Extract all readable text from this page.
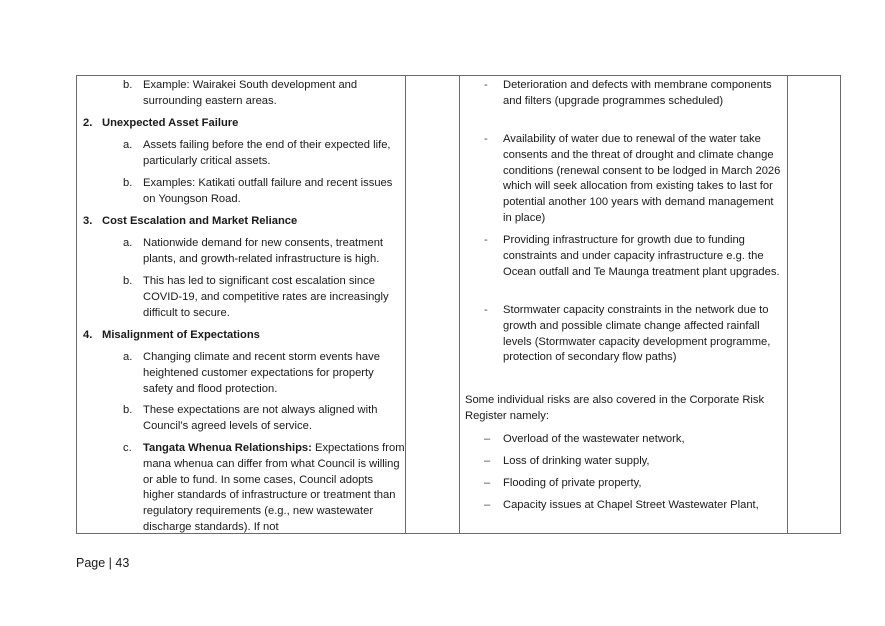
b. Example: Wairakei South development and surrounding eastern areas.
2. Unexpected Asset Failure
a. Assets failing before the end of their expected life, particularly critical assets.
b. Examples: Katikati outfall failure and recent issues on Youngson Road.
3. Cost Escalation and Market Reliance
a. Nationwide demand for new consents, treatment plants, and growth-related infrastructure is high.
b. This has led to significant cost escalation since COVID-19, and competitive rates are increasingly difficult to secure.
4. Misalignment of Expectations
a. Changing climate and recent storm events have heightened customer expectations for property safety and flood protection.
b. These expectations are not always aligned with Council’s agreed levels of service.
c.	Tangata Whenua Relationships: Expectations from mana whenua can differ from what Council is willing or able to fund. In some cases, Council adopts higher standards of infrastructure or treatment than regulatory requirements (e.g., new wastewater discharge standards). If not
-	Deterioration and defects with membrane components and filters (upgrade programmes scheduled)
-	Availability of water due to renewal of the water take consents and the threat of drought and climate change conditions (renewal consent to be lodged in March 2026 which will seek allocation from existing takes to last for potential another 100 years with demand management in place)
-	Providing infrastructure for growth due to funding constraints and under capacity infrastructure e.g. the Ocean outfall and Te Maunga treatment plant upgrades.
-	Stormwater capacity constraints in the network due to growth and possible climate change affected rainfall levels (Stormwater capacity development programme, protection of secondary flow paths)
Some individual risks are also covered in the Corporate Risk Register namely:
–	Overload of the wastewater network,
–	Loss of drinking water supply,
–	Flooding of private property,
–	Capacity issues at Chapel Street Wastewater Plant,
Page | 43
